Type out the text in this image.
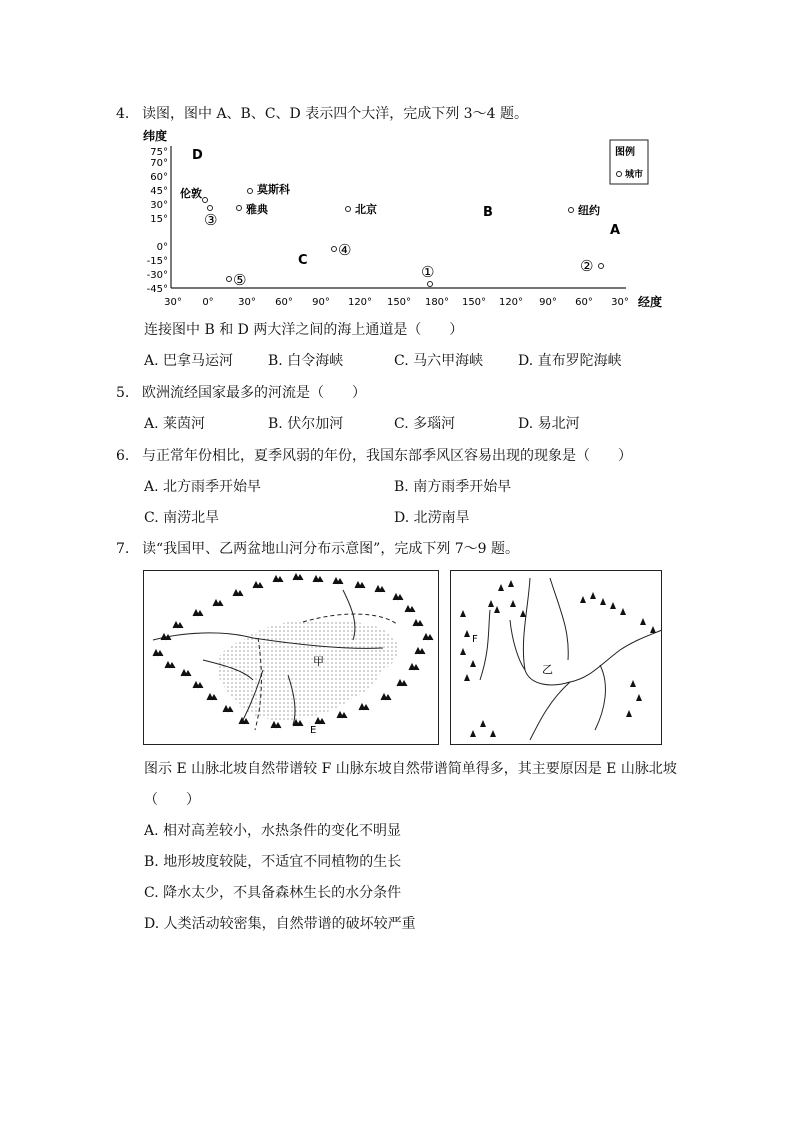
4. 读图，图中 A、B、C、D 表示四个大洋，完成下列 3～4 题。
纬度
75°
70°
60°
45°
30°
15°
0°
-15°
-30°
-45°
30° 0° 30° 60° 90° 120° 150° 180° 150° 120° 90° 60° 30° 经度
D
B
C
A
伦敦	莫斯科
雅典	北京	纽约
③
④
⑤	①	②
图例
城市
连接图中 B 和 D 两大洋之间的海上通道是（　　）
A. 巴拿马运河 B. 白令海峡	C. 马六甲海峡 D. 直布罗陀海峡
5. 欧洲流经国家最多的河流是（　　）
A. 莱茵河	B. 伏尔加河	C. 多瑙河	D. 易北河
6. 与正常年份相比，夏季风弱的年份，我国东部季风区容易出现的现象是（　　）
A. 北方雨季开始早	B. 南方雨季开始早
C. 南涝北旱	D. 北涝南旱
7. 读“我国甲、乙两盆地山河分布示意图”，完成下列 7～9 题。
甲
E
F
乙
图示 E 山脉北坡自然带谱较 F 山脉东坡自然带谱简单得多，其主要原因是 E 山脉北坡
（　　）
A. 相对高差较小，水热条件的变化不明显
B. 地形坡度较陡，不适宜不同植物的生长
C. 降水太少，不具备森林生长的水分条件
D. 人类活动较密集，自然带谱的破坏较严重
